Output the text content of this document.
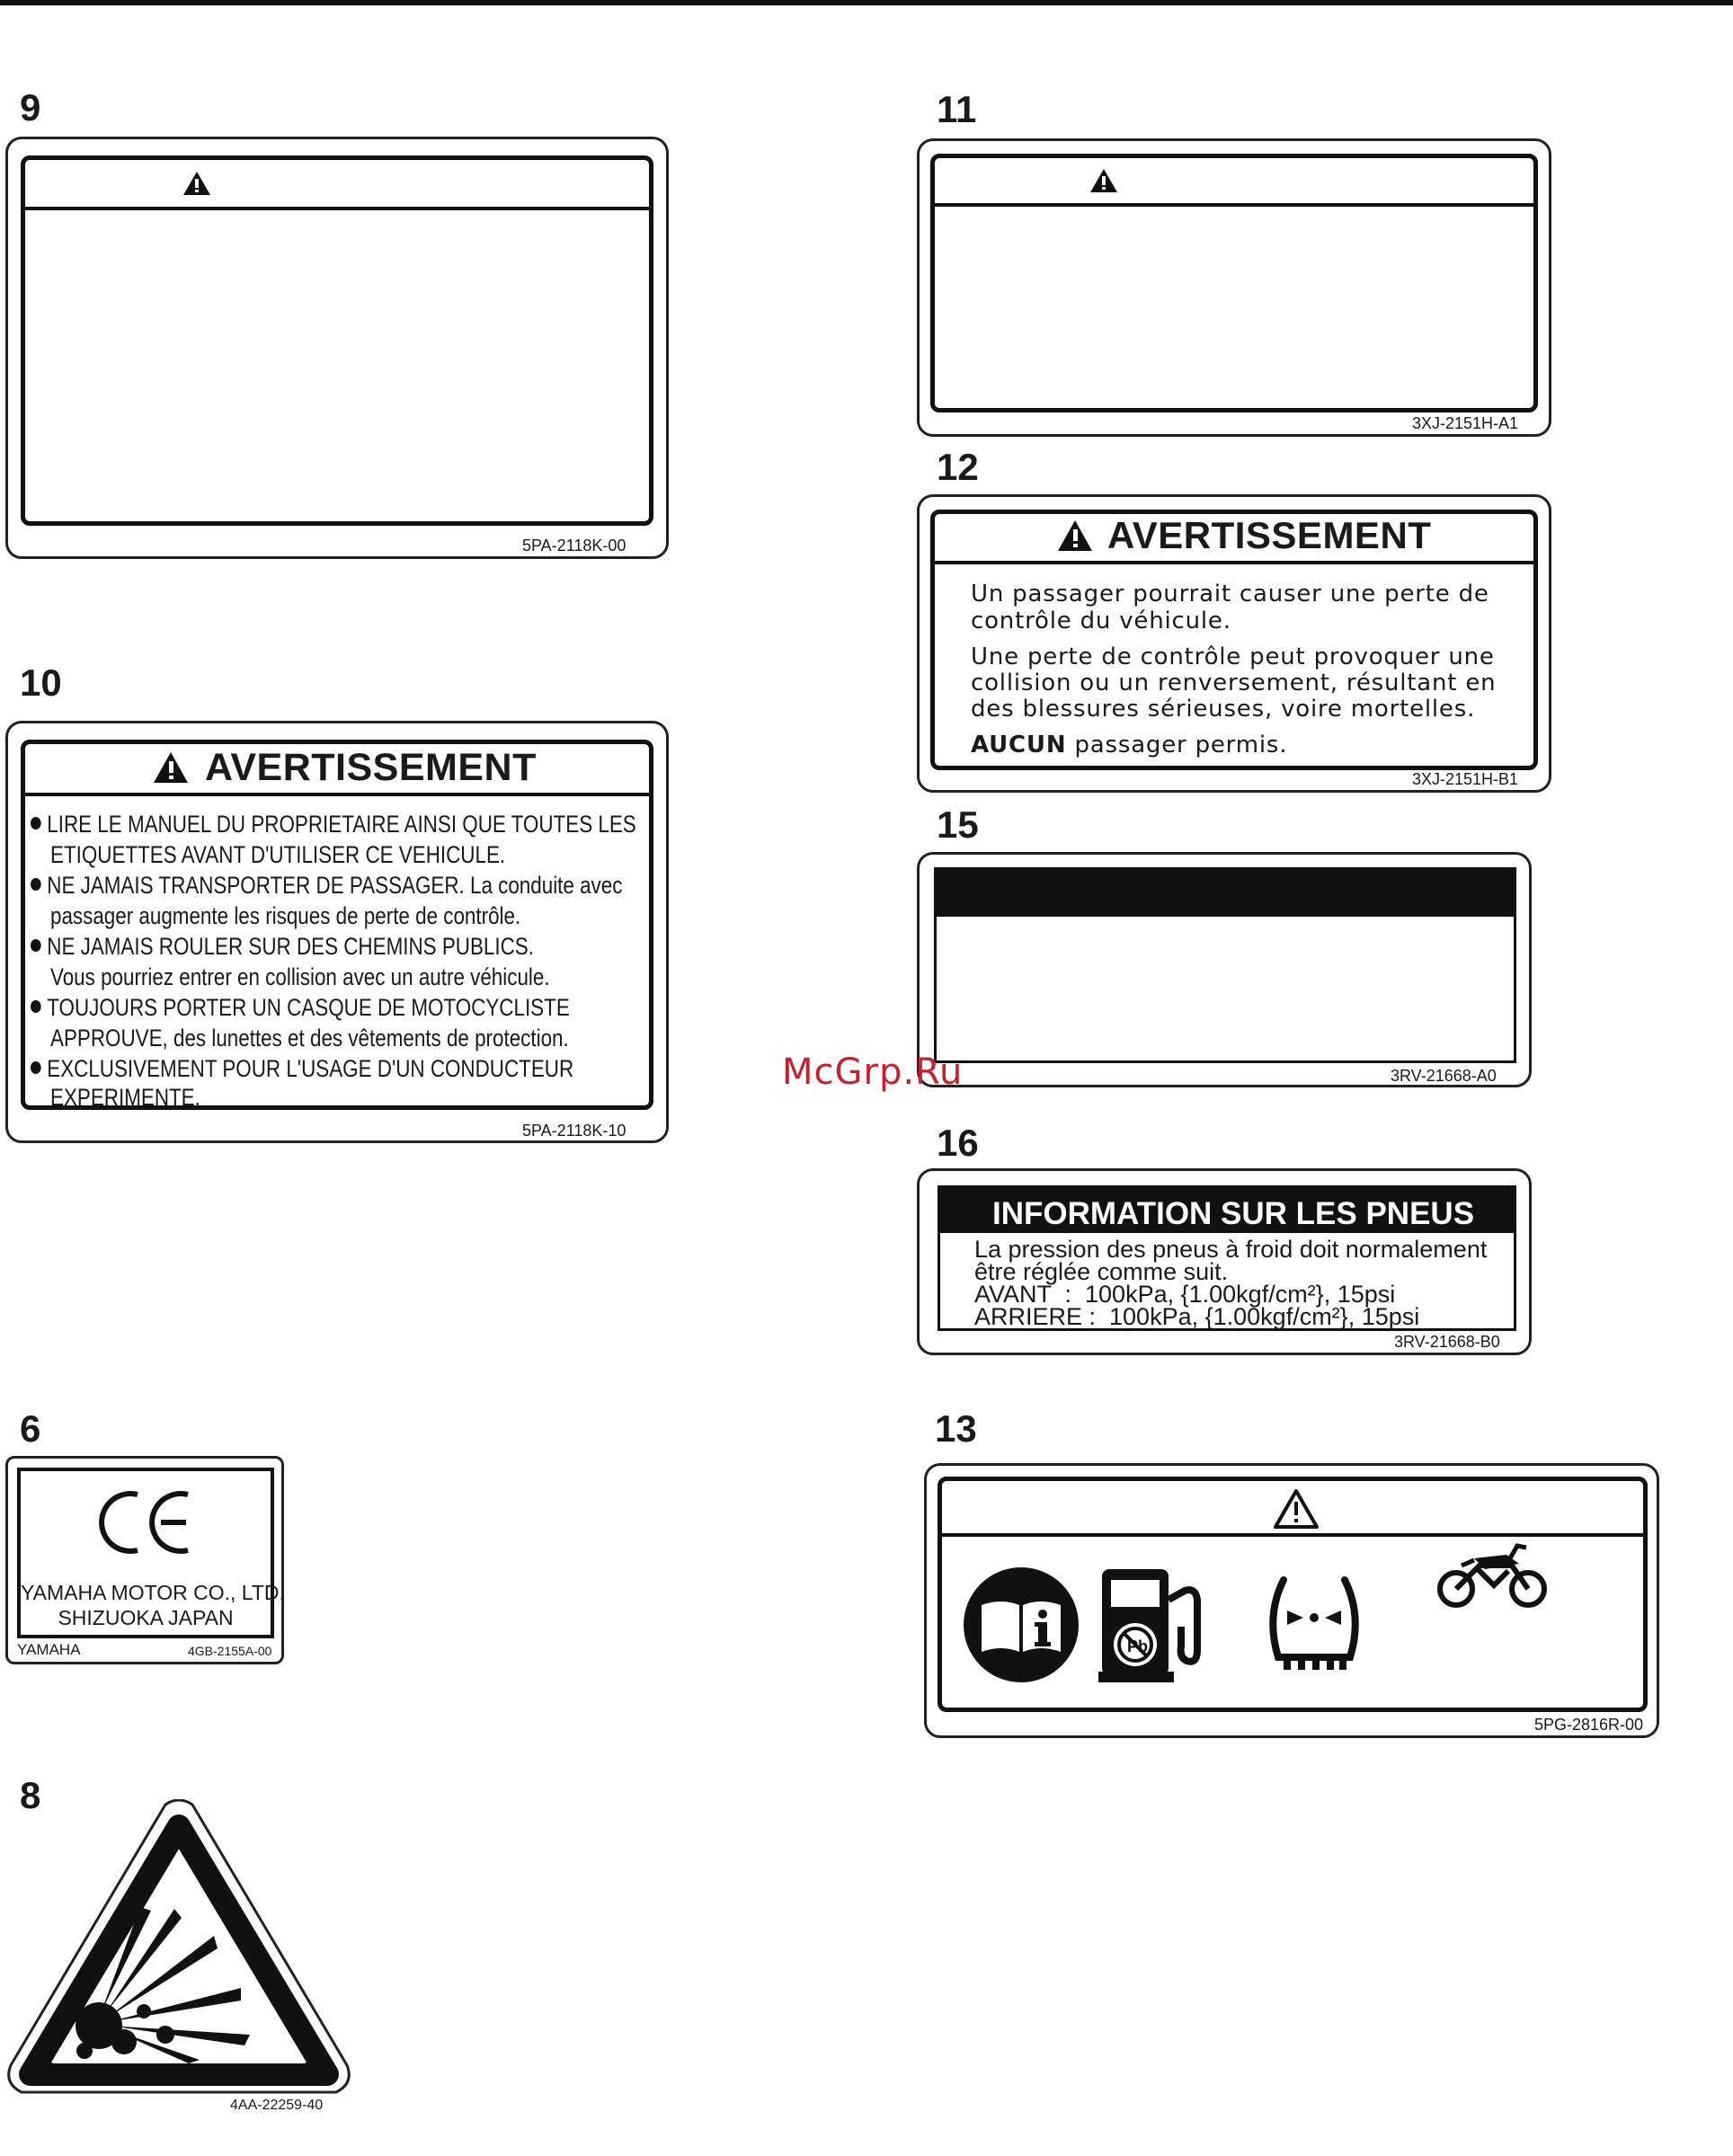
9
5PA-2118K-00
10
AVERTISSEMENT
LIRE LE MANUEL DU PROPRIETAIRE AINSI QUE TOUTES LES
ETIQUETTES AVANT D'UTILISER CE VEHICULE.
NE JAMAIS TRANSPORTER DE PASSAGER. La conduite avec
passager augmente les risques de perte de contrôle.
NE JAMAIS ROULER SUR DES CHEMINS PUBLICS.
Vous pourriez entrer en collision avec un autre véhicule.
TOUJOURS PORTER UN CASQUE DE MOTOCYCLISTE
APPROUVE, des lunettes et des vêtements de protection.
EXCLUSIVEMENT POUR L'USAGE D'UN CONDUCTEUR
EXPERIMENTE.
5PA-2118K-10
11
3XJ-2151H-A1
12
AVERTISSEMENT
Un passager pourrait causer une perte de
contrôle du véhicule.
Une perte de contrôle peut provoquer une
collision ou un renversement, résultant en
des blessures sérieuses, voire mortelles.
AUCUN passager permis.
3XJ-2151H-B1
15
3RV-21668-A0
16
INFORMATION SUR LES PNEUS
La pression des pneus à froid doit normalement
être réglée comme suit.
AVANT  :  100kPa, {1.00kgf/cm²}, 15psi
ARRIERE :  100kPa, {1.00kgf/cm²}, 15psi
3RV-21668-B0
6
YAMAHA MOTOR CO., LTD.
SHIZUOKA JAPAN
YAMAHA	4GB-2155A-00
13
Pb
5PG-2816R-00
8
4AA-22259-40
McGrp.Ru
